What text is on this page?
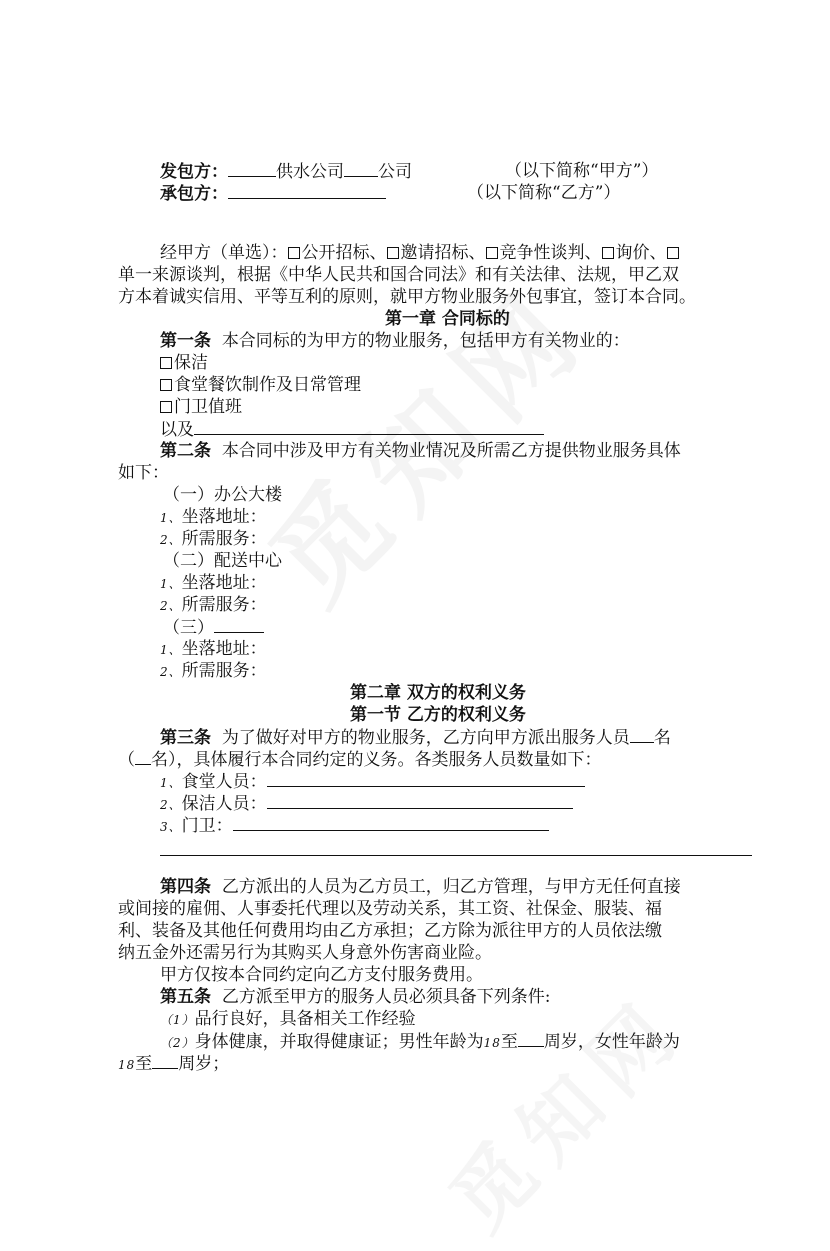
发包方：	供水公司 公司	（以下简称“甲方”）
承包方：	（以下简称“乙方”）
经甲方（单选）： 公开招标、 邀请招标、 竞争性谈判、 询价、
单一来源谈判，根据《中华人民共和国合同法》和有关法律、法规，甲乙双
方本着诚实信用、平等互利的原则，就甲方物业服务外包事宜，签订本合同。
第一章 合同标的
第一条 本合同标的为甲方的物业服务，包括甲方有关物业的：
保洁
食堂餐饮制作及日常管理
门卫值班
以及
第二条 本合同中涉及甲方有关物业情况及所需乙方提供物业服务具体
如下：
（一）办公大楼
1、坐落地址：
2、所需服务：
（二）配送中心
1、坐落地址：
2、所需服务：
（三）
1、坐落地址：
2、所需服务：
第二章 双方的权利义务
第一节 乙方的权利义务
第三条 为了做好对甲方的物业服务，乙方向甲方派出服务人员 名
（ 名），具体履行本合同约定的义务。各类服务人员数量如下：
1、食堂人员：
2、保洁人员：
3、门卫：
第四条 乙方派出的人员为乙方员工，归乙方管理，与甲方无任何直接
或间接的雇佣、人事委托代理以及劳动关系，其工资、社保金、服装、福
利、装备及其他任何费用均由乙方承担；乙方除为派往甲方的人员依法缴
纳五金外还需另行为其购买人身意外伤害商业险。
甲方仅按本合同约定向乙方支付服务费用。
第五条 乙方派至甲方的服务人员必须具备下列条件:
（1）品行良好，具备相关工作经验
（2）身体健康，并取得健康证；男性年龄为18至 周岁，女性年龄为
18至 周岁；
